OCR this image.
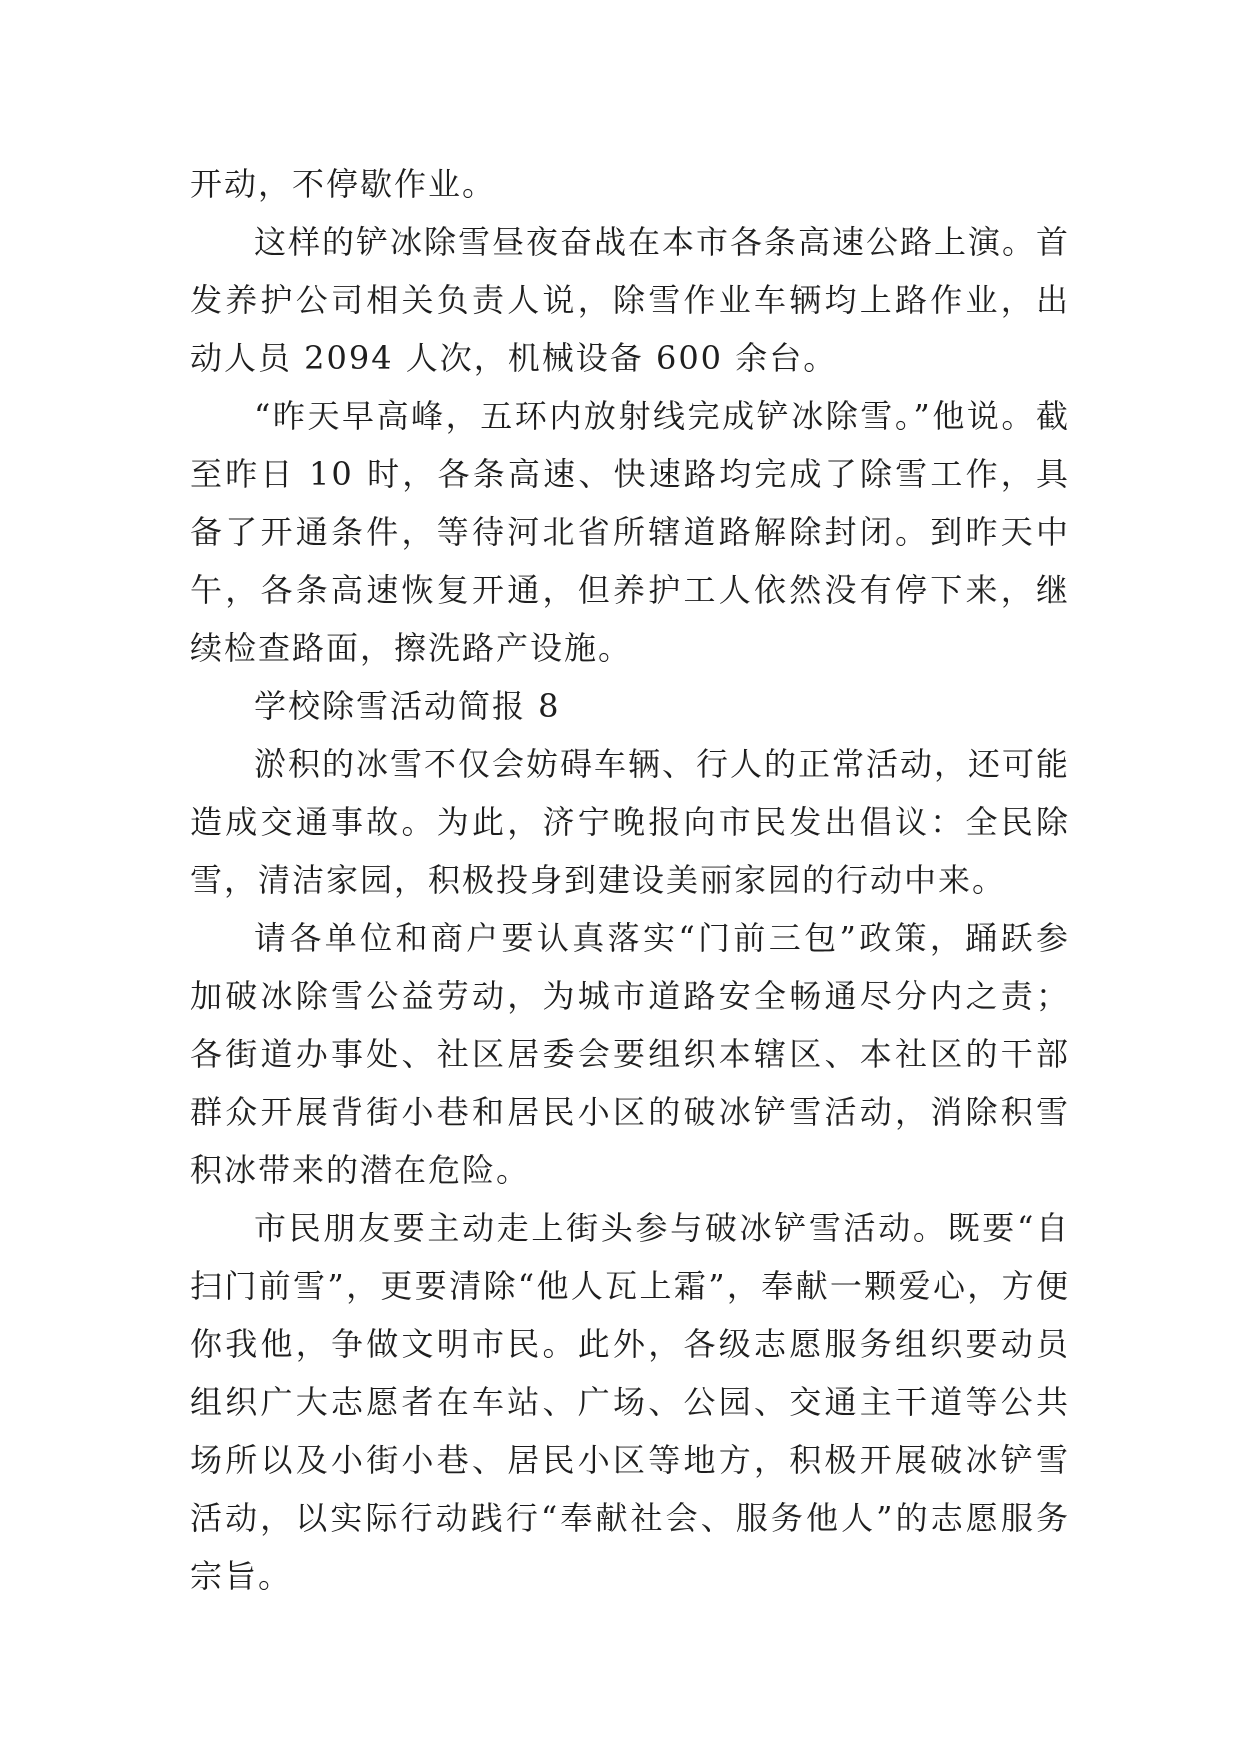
开动，不停歇作业。

这样的铲冰除雪昼夜奋战在本市各条高速公路上演。首发养护公司相关负责人说，除雪作业车辆均上路作业，出动人员 2094 人次，机械设备 600 余台。

“昨天早高峰，五环内放射线完成铲冰除雪。”他说。截至昨日 10 时，各条高速、快速路均完成了除雪工作，具备了开通条件，等待河北省所辖道路解除封闭。到昨天中午，各条高速恢复开通，但养护工人依然没有停下来，继续检查路面，擦洗路产设施。

学校除雪活动简报 8

淤积的冰雪不仅会妨碍车辆、行人的正常活动，还可能造成交通事故。为此，济宁晚报向市民发出倡议：全民除雪，清洁家园，积极投身到建设美丽家园的行动中来。

请各单位和商户要认真落实“门前三包”政策，踊跃参加破冰除雪公益劳动，为城市道路安全畅通尽分内之责；各街道办事处、社区居委会要组织本辖区、本社区的干部群众开展背街小巷和居民小区的破冰铲雪活动，消除积雪积冰带来的潜在危险。

市民朋友要主动走上街头参与破冰铲雪活动。既要“自扫门前雪”，更要清除“他人瓦上霜”，奉献一颗爱心，方便你我他，争做文明市民。此外，各级志愿服务组织要动员组织广大志愿者在车站、广场、公园、交通主干道等公共场所以及小街小巷、居民小区等地方，积极开展破冰铲雪活动，以实际行动践行“奉献社会、服务他人”的志愿服务宗旨。
